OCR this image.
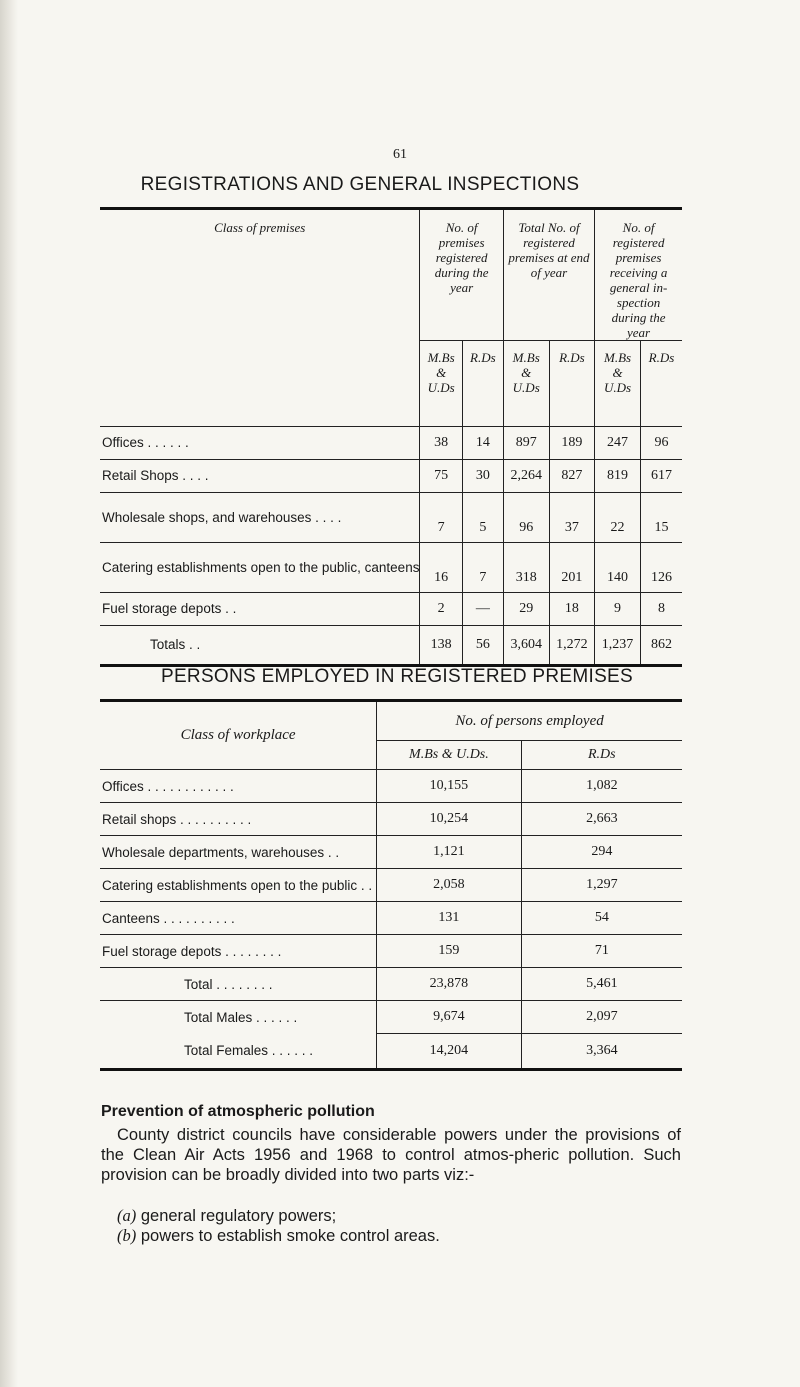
61
REGISTRATIONS AND GENERAL INSPECTIONS
Class of premises	No. of premises registered during the year		Total No. of registered premises at end of year		No. of registered premises receiving a general in-spection during the year	
	M.Bs & U.Ds	R.Ds	M.Bs & U.Ds	R.Ds	M.Bs & U.Ds	R.Ds
Offices . . . . . .	38	14	897	189	247	96
Retail Shops . . . .	75	30	2,264	827	819	617
Wholesale shops, and warehouses . . . .	7	5	96	37	22	15
Catering establishments open to the public, canteens	16	7	318	201	140	126
Fuel storage depots . .	2	—	29	18	9	8
Totals . .	138	56	3,604	1,272	1,237	862
PERSONS EMPLOYED IN REGISTERED PREMISES
Class of workplace	No. of persons employed	
	M.Bs & U.Ds.	R.Ds
Offices . . . . . . . . . . . .	10,155	1,082
Retail shops . . . . . . . . . .	10,254	2,663
Wholesale departments, warehouses . .	1,121	294
Catering establishments open to the public . .	2,058	1,297
Canteens . . . . . . . . . .	131	54
Fuel storage depots . . . . . . . .	159	71
Total . . . . . . . .	23,878	5,461
Total Males . . . . . .	9,674	2,097
Total Females . . . . . .	14,204	3,364
Prevention of atmospheric pollution

County district councils have considerable powers under the provisions of the Clean Air Acts 1956 and 1968 to control atmos-pheric pollution. Such provision can be broadly divided into two parts viz:-

(a) general regulatory powers;
(b) powers to establish smoke control areas.
